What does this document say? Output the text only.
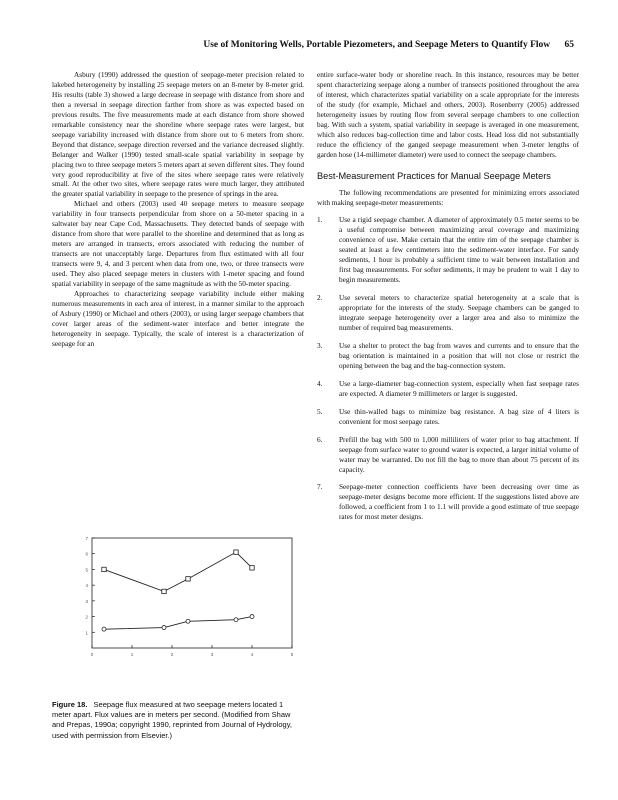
Use of Monitoring Wells, Portable Piezometers, and Seepage Meters to Quantify Flow 65

Asbury (1990) addressed the question of seepage-meter precision related to lakebed heterogeneity by installing 25 seepage meters on an 8-meter by 8-meter grid. His results (table 3) showed a large decrease in seepage with distance from shore and then a reversal in seepage direction farther from shore as was expected based on previous results. The five measurements made at each distance from shore showed remarkable consistency near the shoreline where seepage rates were largest, but seepage variability increased with distance from shore out to 6 meters from shore. Beyond that distance, seepage direction reversed and the variance decreased slightly. Belanger and Walker (1990) tested small-scale spatial variability in seepage by placing two to three seepage meters 5 meters apart at seven different sites. They found very good reproducibility at five of the sites where seepage rates were relatively small. At the other two sites, where seepage rates were much larger, they attributed the greater spatial variability in seepage to the presence of springs in the area.

Michael and others (2003) used 40 seepage meters to measure seepage variability in four transects perpendicular from shore on a 50-meter spacing in a saltwater bay near Cape Cod, Massachusetts. They detected bands of seepage with distance from shore that were parallel to the shoreline and determined that as long as meters are arranged in transects, errors associated with reducing the number of transects are not unacceptably large. Departures from flux estimated with all four transects were 9, 4, and 3 percent when data from one, two, or three transects were used. They also placed seepage meters in clusters with 1-meter spacing and found spatial variability in seepage of the same magnitude as with the 50-meter spacing.

Approaches to characterizing seepage variability include either making numerous measurements in each area of interest, in a manner similar to the approach of Asbury (1990) or Michael and others (2003), or using larger seepage chambers that cover larger areas of the sediment-water interface and better integrate the heterogeneity in seepage. Typically, the scale of interest is a characterization of seepage for an

1
2
3
4
5
6
7
0	1	2	3	4	5
Figure 18. Seepage flux measured at two seepage meters located 1 meter apart. Flux values are in meters per second. (Modified from Shaw and Prepas, 1990a; copyright 1990, reprinted from Journal of Hydrology, used with permission from Elsevier.)

entire surface-water body or shoreline reach. In this instance, resources may be better spent characterizing seepage along a number of transects positioned throughout the area of interest, which characterizes spatial variability on a scale appropriate for the interests of the study (for example, Michael and others, 2003). Rosenberry (2005) addressed heterogeneity issues by routing flow from several seepage chambers to one collection bag. With such a system, spatial variability in seepage is averaged in one measurement, which also reduces bag-collection time and labor costs. Head loss did not substantially reduce the efficiency of the ganged seepage measurement when 3-meter lengths of garden hose (14-millimeter diameter) were used to connect the seepage chambers.

Best-Measurement Practices for Manual Seepage Meters

The following recommendations are presented for minimizing errors associated with making seepage-meter measurements:

1. Use a rigid seepage chamber. A diameter of approximately 0.5 meter seems to be a useful compromise between maximizing areal coverage and maximizing convenience of use. Make certain that the entire rim of the seepage chamber is seated at least a few centimeters into the sediment-water interface. For sandy sediments, 1 hour is probably a sufficient time to wait between installation and first bag measurements. For softer sediments, it may be prudent to wait 1 day to begin measurements.
2. Use several meters to characterize spatial heterogeneity at a scale that is appropriate for the interests of the study. Seepage chambers can be ganged to integrate seepage heterogeneity over a larger area and also to minimize the number of required bag measurements.
3. Use a shelter to protect the bag from waves and currents and to ensure that the bag orientation is maintained in a position that will not close or restrict the opening between the bag and the bag-connection system.
4. Use a large-diameter bag-connection system, especially when fast seepage rates are expected. A diameter 9 millimeters or larger is suggested.
5. Use thin-walled bags to minimize bag resistance. A bag size of 4 liters is convenient for most seepage rates.
6. Prefill the bag with 500 to 1,000 milliliters of water prior to bag attachment. If seepage from surface water to ground water is expected, a larger initial volume of water may be warranted. Do not fill the bag to more than about 75 percent of its capacity.
7. Seepage-meter connection coefficients have been decreasing over time as seepage-meter designs become more efficient. If the suggestions listed above are followed, a coefficient from 1 to 1.1 will provide a good estimate of true seepage rates for most meter designs.
